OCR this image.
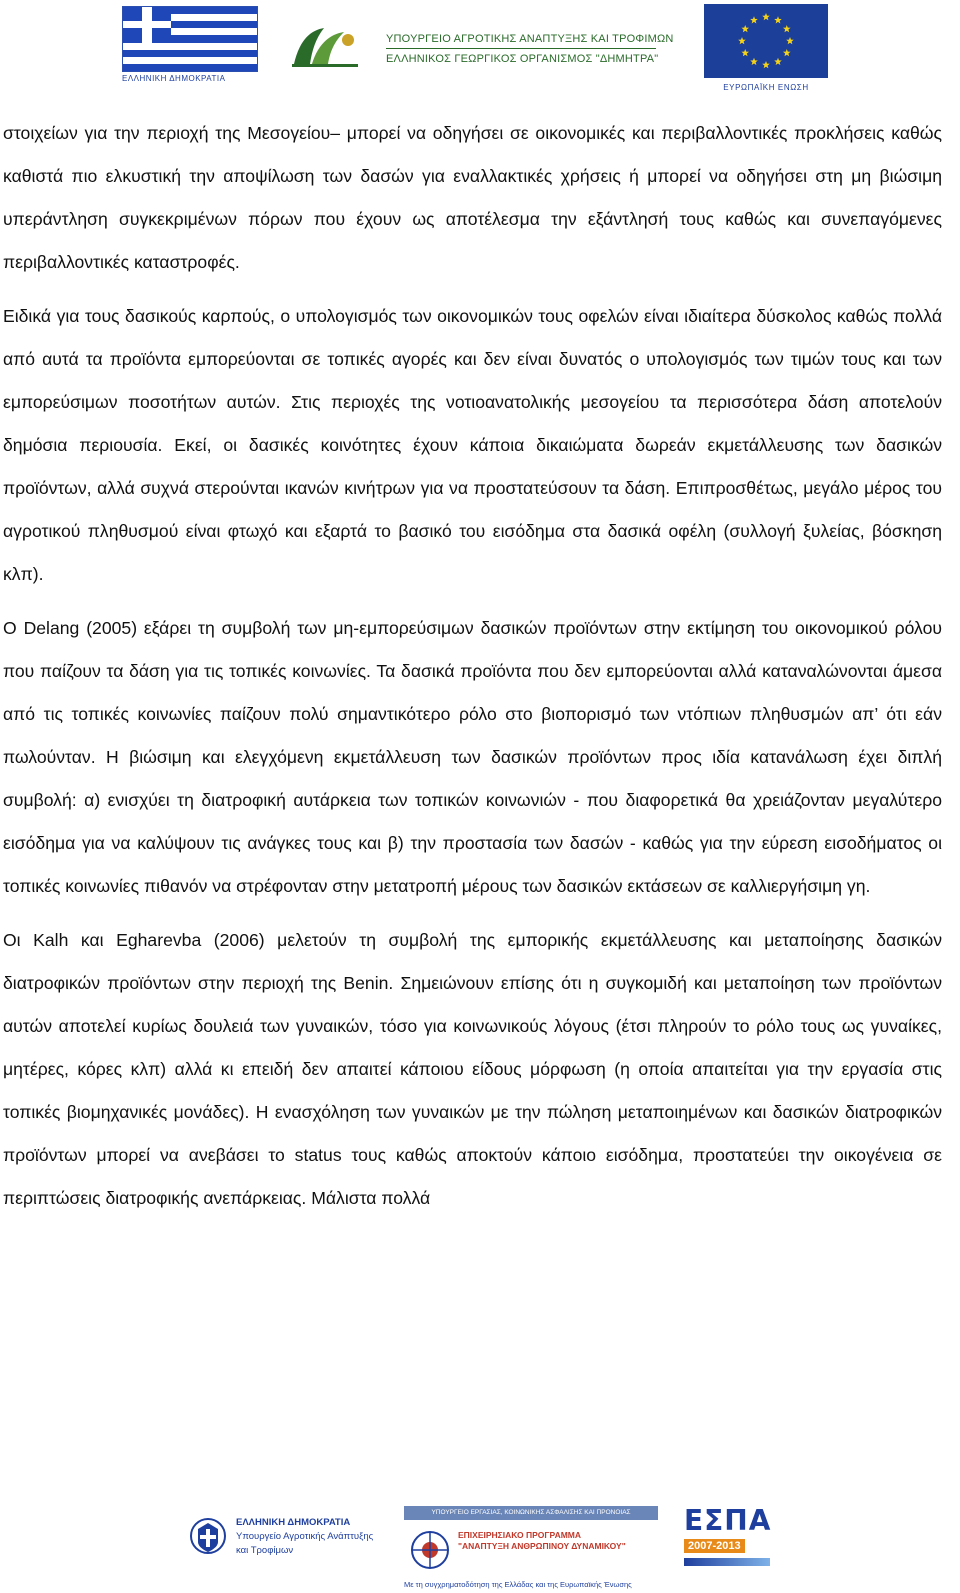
ΕΛΛΗΝΙΚΗ ΔΗΜΟΚΡΑΤΙΑ
ΥΠΟΥΡΓΕΙΟ ΑΓΡΟΤΙΚΗΣ ΑΝΑΠΤΥΞΗΣ ΚΑΙ ΤΡΟΦΙΜΩΝ
ΕΛΛΗΝΙΚΟΣ ΓΕΩΡΓΙΚΟΣ ΟΡΓΑΝΙΣΜΟΣ "ΔΗΜΗΤΡΑ"
ΕΥΡΩΠΑΪΚΗ ΕΝΩΣΗ

στοιχείων για την περιοχή της Μεσογείου– μπορεί να οδηγήσει σε οικονομικές και περιβαλλοντικές προκλήσεις καθώς καθιστά πιο ελκυστική την αποψίλωση των δασών για εναλλακτικές χρήσεις ή μπορεί να οδηγήσει στη μη βιώσιμη υπεράντληση συγκεκριμένων πόρων που έχουν ως αποτέλεσμα την εξάντλησή τους καθώς και συνεπαγόμενες περιβαλλοντικές καταστροφές.

Ειδικά για τους δασικούς καρπούς, ο υπολογισμός των οικονομικών τους οφελών είναι ιδιαίτερα δύσκολος καθώς πολλά από αυτά τα προϊόντα εμπορεύονται σε τοπικές αγορές και δεν είναι δυνατός ο υπολογισμός των τιμών τους και των εμπορεύσιμων ποσοτήτων αυτών. Στις περιοχές της νοτιοανατολικής μεσογείου τα περισσότερα δάση αποτελούν δημόσια περιουσία. Εκεί, οι δασικές κοινότητες έχουν κάποια δικαιώματα δωρεάν εκμετάλλευσης των δασικών προϊόντων, αλλά συχνά στερούνται ικανών κινήτρων για να προστατεύσουν τα δάση. Επιπροσθέτως, μεγάλο μέρος του αγροτικού πληθυσμού είναι φτωχό και εξαρτά το βασικό του εισόδημα στα δασικά οφέλη (συλλογή ξυλείας, βόσκηση κλπ).

O Delang (2005) εξάρει τη συμβολή των μη-εμπορεύσιμων δασικών προϊόντων στην εκτίμηση του οικονομικού ρόλου που παίζουν τα δάση για τις τοπικές κοινωνίες. Τα δασικά προϊόντα που δεν εμπορεύονται αλλά καταναλώνονται άμεσα από τις τοπικές κοινωνίες παίζουν πολύ σημαντικότερο ρόλο στο βιοπορισμό των ντόπιων πληθυσμών απ’ ότι εάν πωλούνταν. Η βιώσιμη και ελεγχόμενη εκμετάλλευση των δασικών προϊόντων προς ιδία κατανάλωση έχει διπλή συμβολή: α) ενισχύει τη διατροφική αυτάρκεια των τοπικών κοινωνιών - που διαφορετικά θα χρειάζονταν μεγαλύτερο εισόδημα για να καλύψουν τις ανάγκες τους και β) την προστασία των δασών - καθώς για την εύρεση εισοδήματος οι τοπικές κοινωνίες πιθανόν να στρέφονταν στην μετατροπή μέρους των δασικών εκτάσεων σε καλλιεργήσιμη γη.

Οι Kalh και Egharevba (2006) μελετούν τη συμβολή της εμπορικής εκμετάλλευσης και μεταποίησης δασικών διατροφικών προϊόντων στην περιοχή της Benin. Σημειώνουν επίσης ότι η συγκομιδή και μεταποίηση των προϊόντων αυτών αποτελεί κυρίως δουλειά των γυναικών, τόσο για κοινωνικούς λόγους (έτσι πληρούν το ρόλο τους ως γυναίκες, μητέρες, κόρες κλπ) αλλά κι επειδή δεν απαιτεί κάποιου είδους μόρφωση (η οποία απαιτείται για την εργασία στις τοπικές βιομηχανικές μονάδες). Η ενασχόληση των γυναικών με την πώληση μεταποιημένων και δασικών διατροφικών προϊόντων μπορεί να ανεβάσει το status τους καθώς αποκτούν κάποιο εισόδημα, προστατεύει την οικογένεια σε περιπτώσεις διατροφικής ανεπάρκειας. Μάλιστα πολλά

ΕΛΛΗΝΙΚΗ ΔΗΜΟΚΡΑΤΙΑ
Υπουργείο Αγροτικής Ανάπτυξης
και Τροφίμων
ΥΠΟΥΡΓΕΙΟ ΕΡΓΑΣΙΑΣ, ΚΟΙΝΩΝΙΚΗΣ ΑΣΦΑΛΙΣΗΣ ΚΑΙ ΠΡΟΝΟΙΑΣ
ΕΠΙΧΕΙΡΗΣΙΑΚΟ ΠΡΟΓΡΑΜΜΑ
"ΑΝΑΠΤΥΞΗ ΑΝΘΡΩΠΙΝΟΥ ΔΥΝΑΜΙΚΟΥ"
Με τη συγχρηματοδότηση της Ελλάδας και της Ευρωπαϊκής Ένωσης
ΕΣΠΑ
2007-2013
